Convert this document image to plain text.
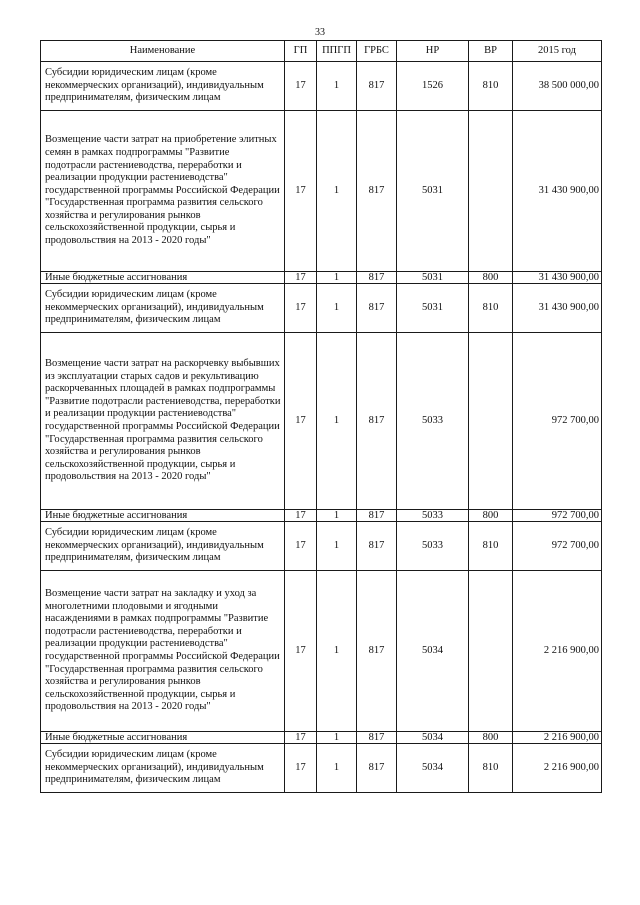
33
Наименование	ГП	ППГП	ГРБС	НР	ВР	2015 год
Субсидии юридическим лицам (кроме некоммерческих организаций), индивидуальным предпринимателям, физическим лицам	17	1	817	1526	810	38 500 000,00
Возмещение части затрат на приобретение элитных семян в рамках подпрограммы "Развитие подотрасли растениеводства, переработки и реализации продукции растениеводства" государственной программы Российской Федерации "Государственная программа развития сельского хозяйства и регулирования рынков сельскохозяйственной продукции, сырья и продовольствия на 2013 - 2020 годы"	17	1	817	5031		31 430 900,00
Иные бюджетные ассигнования	17	1	817	5031	800	31 430 900,00
Субсидии юридическим лицам (кроме некоммерческих организаций), индивидуальным предпринимателям, физическим лицам	17	1	817	5031	810	31 430 900,00
Возмещение части затрат на раскорчевку выбывших из эксплуатации старых садов и рекультивацию раскорчеванных площадей в рамках подпрограммы "Развитие подотрасли растениеводства, переработки и реализации продукции растениеводства" государственной программы Российской Федерации "Государственная программа развития сельского хозяйства и регулирования рынков сельскохозяйственной продукции, сырья и продовольствия на 2013 - 2020 годы"	17	1	817	5033		972 700,00
Иные бюджетные ассигнования	17	1	817	5033	800	972 700,00
Субсидии юридическим лицам (кроме некоммерческих организаций), индивидуальным предпринимателям, физическим лицам	17	1	817	5033	810	972 700,00
Возмещение части затрат на закладку и уход за многолетними плодовыми и ягодными насаждениями в рамках подпрограммы "Развитие подотрасли растениеводства, переработки и реализации продукции растениеводства" государственной программы Российской Федерации "Государственная программа развития сельского хозяйства и регулирования рынков сельскохозяйственной продукции, сырья и продовольствия на 2013 - 2020 годы"	17	1	817	5034		2 216 900,00
Иные бюджетные ассигнования	17	1	817	5034	800	2 216 900,00
Субсидии юридическим лицам (кроме некоммерческих организаций), индивидуальным предпринимателям, физическим лицам	17	1	817	5034	810	2 216 900,00
